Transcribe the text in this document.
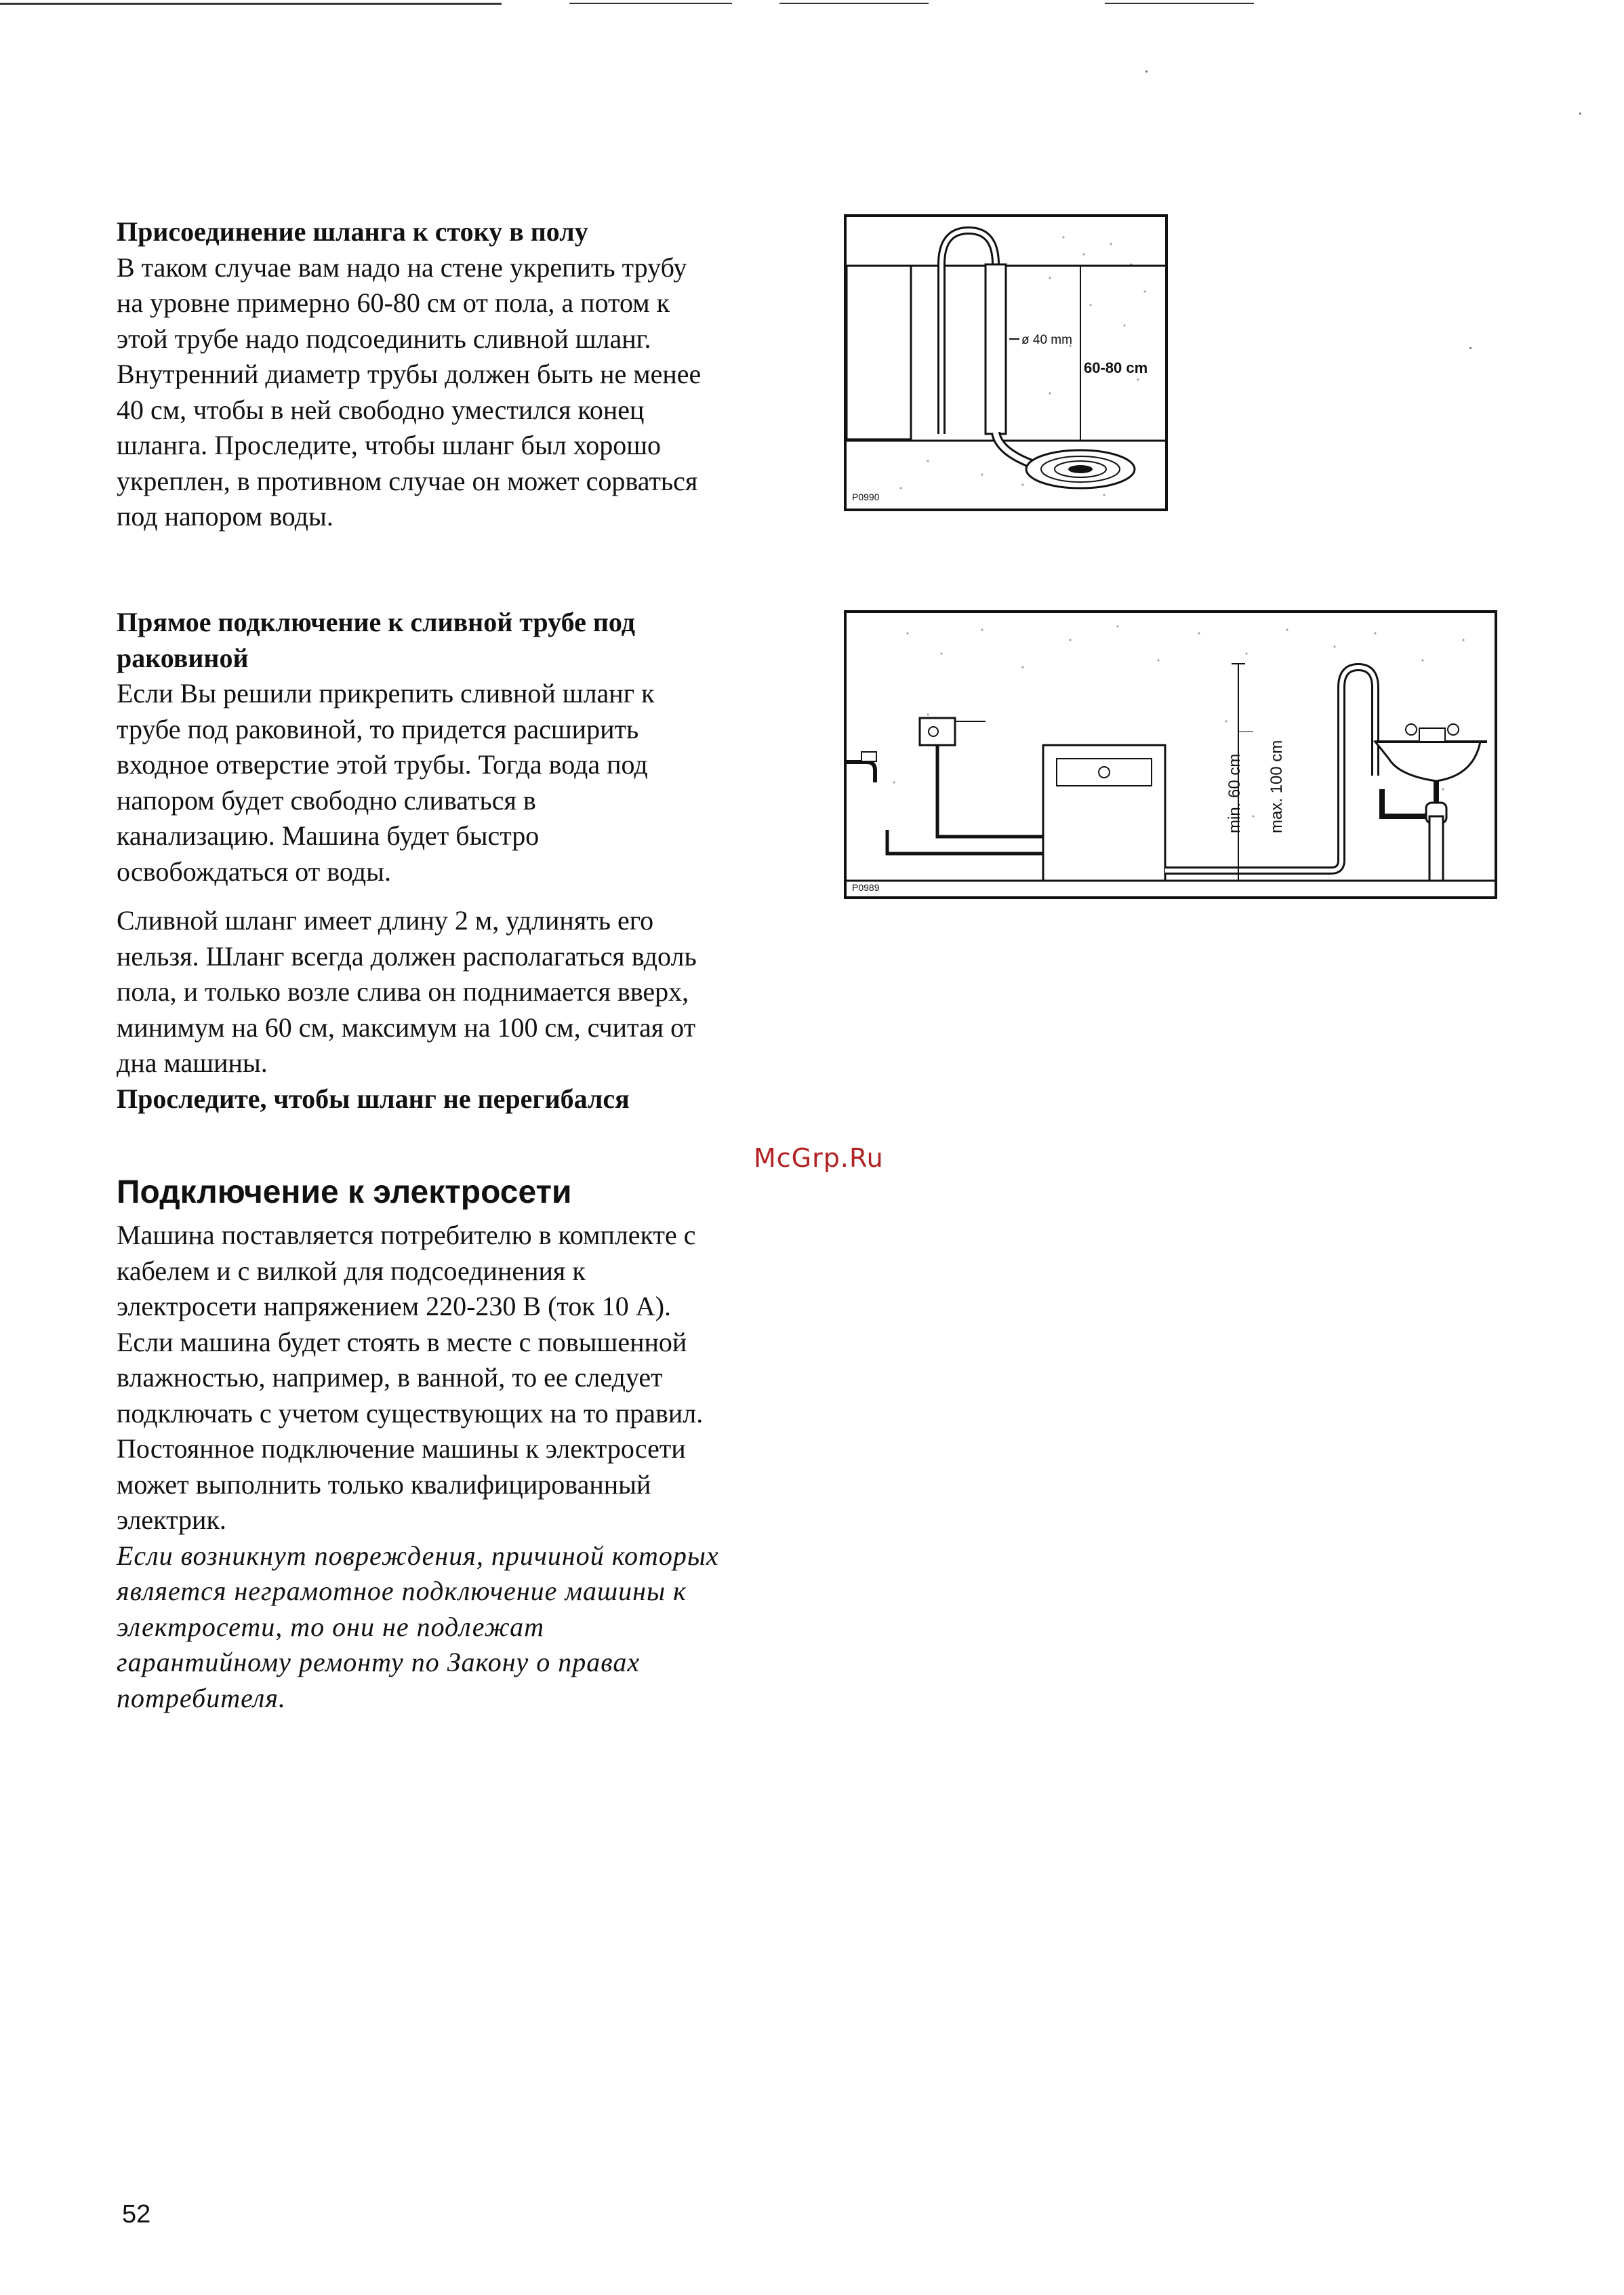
Присоединение шланга к стоку в полу

В таком случае вам надо на стене укрепить трубу

на уровне примерно 60-80 см от пола, а потом к

этой трубе надо подсоединить сливной шланг.

Внутренний диаметр трубы должен быть не менее

40 см, чтобы в ней свободно уместился конец

шланга. Проследите, чтобы шланг был хорошо

укреплен, в противном случае он может сорваться

под напором воды.

ø 40 mm
60-80 cm
P0990

Прямое подключение к сливной трубе под

раковиной

Если Вы решили прикрепить сливной шланг к

трубе под раковиной, то придется расширить

входное отверстие этой трубы. Тогда вода под

напором будет свободно сливаться в

канализацию. Машина будет быстро

освобождаться от воды.

Сливной шланг имеет длину 2 м, удлинять его

нельзя. Шланг всегда должен располагаться вдоль

пола, и только возле слива он поднимается вверх,

минимум на 60 см, максимум на 100 см, считая от

дна машины.

Проследите, чтобы шланг не перегибался

min. 60 cm max. 100 cm
P0989
McGrp.Ru
Подключение к электросети

Машина поставляется потребителю в комплекте с

кабелем и с вилкой для подсоединения к

электросети напряжением 220-230 В (ток 10 А).

Если машина будет стоять в месте с повышенной

влажностью, например, в ванной, то ее следует

подключать с учетом существующих на то правил.

Постоянное подключение машины к электросети

может выполнить только квалифицированный

электрик.

Если возникнут повреждения, причиной которых

является неграмотное подключение машины к

электросети, то они не подлежат

гарантийному ремонту по Закону о правах

потребителя.

52
